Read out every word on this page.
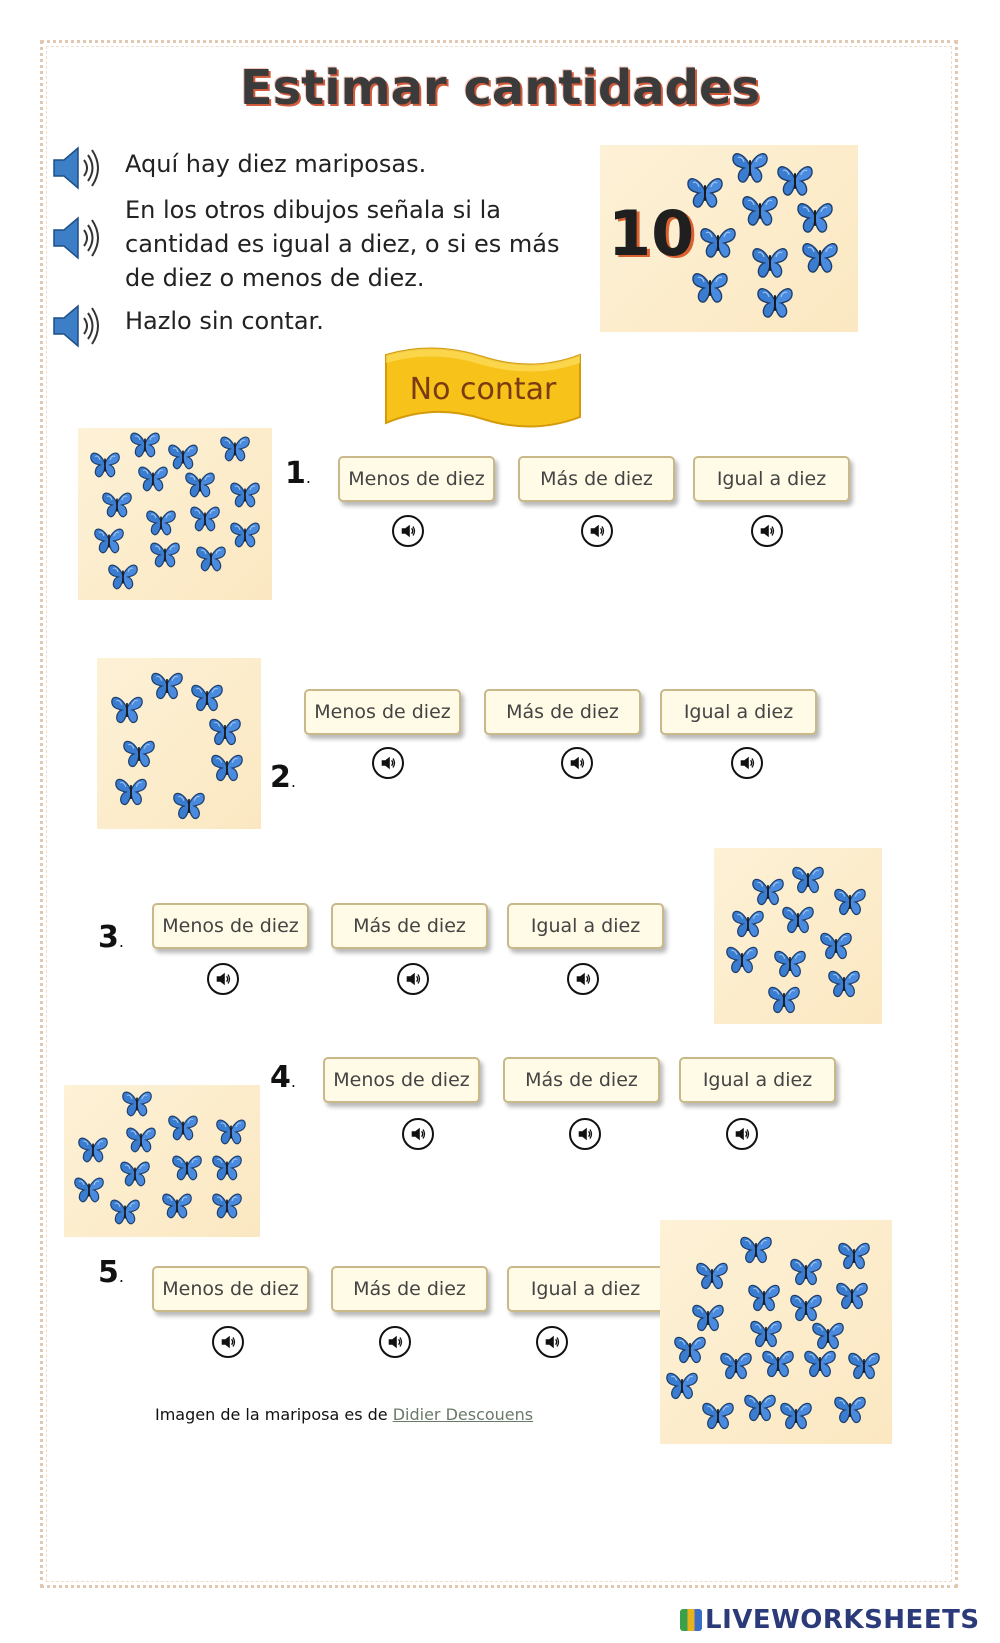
Estimar cantidades
Aquí hay diez mariposas.
En los otros dibujos señala si la cantidad es igual a diez, o si es más de diez o menos de diez.
Hazlo sin contar.
10
No contar
1.	Menos de diez	Más de diez	Igual a diez
2.
Menos de diez	Más de diez	Igual a diez
3.
Menos de diez	Más de diez	Igual a diez
4.	Menos de diez	Más de diez	Igual a diez
5.
Menos de diez	Más de diez	Igual a diez
Imagen de la mariposa es de Didier Descouens
LIVEWORKSHEETS
